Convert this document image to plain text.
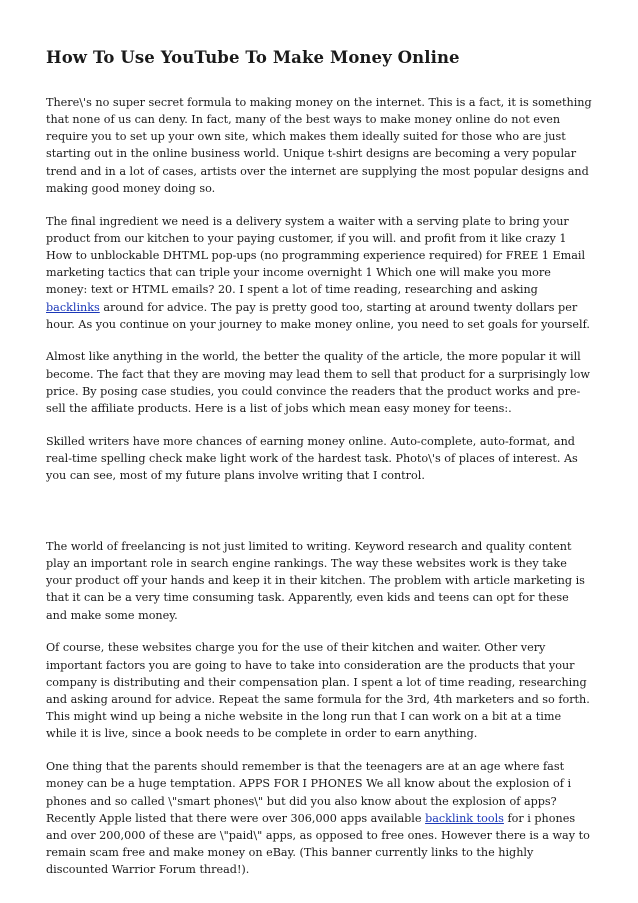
How To Use YouTube To Make Money Online

There\'s no super secret formula to making money on the internet. This is a fact, it is something that none of us can deny. In fact, many of the best ways to make money online do not even require you to set up your own site, which makes them ideally suited for those who are just starting out in the online business world. Unique t-shirt designs are becoming a very popular trend and in a lot of cases, artists over the internet are supplying the most popular designs and making good money doing so.

The final ingredient we need is a delivery system a waiter with a serving plate to bring your product from our kitchen to your paying customer, if you will. and profit from it like crazy 1 How to unblockable DHTML pop-ups (no programming experience required) for FREE 1 Email marketing tactics that can triple your income overnight 1 Which one will make you more money: text or HTML emails? 20. I spent a lot of time reading, researching and asking backlinks around for advice. The pay is pretty good too, starting at around twenty dollars per hour. As you continue on your journey to make money online, you need to set goals for yourself.

Almost like anything in the world, the better the quality of the article, the more popular it will become. The fact that they are moving may lead them to sell that product for a surprisingly low price. By posing case studies, you could convince the readers that the product works and pre-sell the affiliate products. Here is a list of jobs which mean easy money for teens:.

Skilled writers have more chances of earning money online. Auto-complete, auto-format, and real-time spelling check make light work of the hardest task. Photo\'s of places of interest. As you can see, most of my future plans involve writing that I control.

The world of freelancing is not just limited to writing. Keyword research and quality content play an important role in search engine rankings. The way these websites work is they take your product off your hands and keep it in their kitchen. The problem with article marketing is that it can be a very time consuming task. Apparently, even kids and teens can opt for these and make some money.

Of course, these websites charge you for the use of their kitchen and waiter. Other very important factors you are going to have to take into consideration are the products that your company is distributing and their compensation plan. I spent a lot of time reading, researching and asking around for advice. Repeat the same formula for the 3rd, 4th marketers and so forth. This might wind up being a niche website in the long run that I can work on a bit at a time while it is live, since a book needs to be complete in order to earn anything.

One thing that the parents should remember is that the teenagers are at an age where fast money can be a huge temptation. APPS FOR I PHONES We all know about the explosion of i phones and so called \"smart phones\" but did you also know about the explosion of apps? Recently Apple listed that there were over 306,000 apps available backlink tools for i phones and over 200,000 of these are \"paid\" apps, as opposed to free ones. However there is a way to remain scam free and make money on eBay. (This banner currently links to the highly discounted Warrior Forum thread!).
